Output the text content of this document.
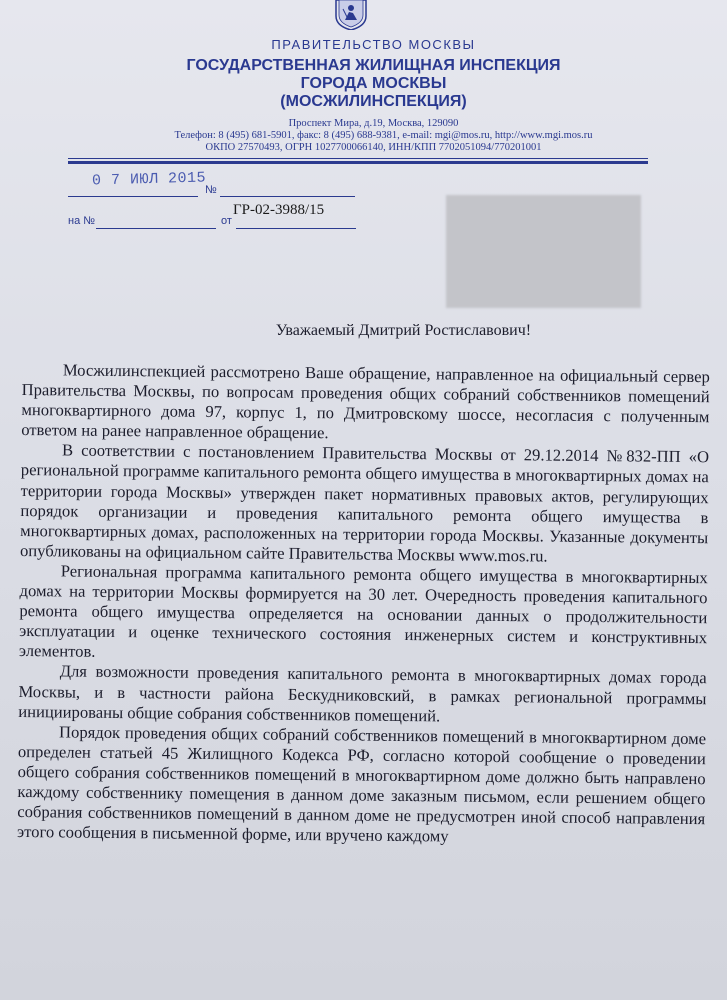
ПРАВИТЕЛЬСТВО МОСКВЫ
ГОСУДАРСТВЕННАЯ ЖИЛИЩНАЯ ИНСПЕКЦИЯ
ГОРОДА МОСКВЫ
(МОСЖИЛИНСПЕКЦИЯ)
Проспект Мира, д.19, Москва, 129090
Телефон: 8 (495) 681-5901, факс: 8 (495) 688-9381, e-mail: mgi@mos.ru, http://www.mgi.mos.ru
ОКПО 27570493, ОГРН 1027700066140, ИНН/КПП 7702051094/770201001
0 7 ИЮЛ 2015
№
ГР-02-3988/15
на №	от
Уважаемый Дмитрий Ростиславович!

Мосжилинспекцией рассмотрено Ваше обращение, направленное на официальный сервер Правительства Москвы, по вопросам проведения общих собраний собственников помещений многоквартирного дома 97, корпус 1, по Дмитровскому шоссе, несогласия с полученным ответом на ранее направленное обращение.

В соответствии с постановлением Правительства Москвы от 29.12.2014 №832-ПП «О региональной программе капитального ремонта общего имущества в многоквартирных домах на территории города Москвы» утвержден пакет нормативных правовых актов, регулирующих порядок организации и проведения капитального ремонта общего имущества в многоквартирных домах, расположенных на территории города Москвы. Указанные документы опубликованы на официальном сайте Правительства Москвы www.mos.ru.

Региональная программа капитального ремонта общего имущества в многоквартирных домах на территории Москвы формируется на 30 лет. Очередность проведения капитального ремонта общего имущества определяется на основании данных о продолжительности эксплуатации и оценке технического состояния инженерных систем и конструктивных элементов.

Для возможности проведения капитального ремонта в многоквартирных домах города Москвы, и в частности района Бескудниковский, в рамках региональной программы инициированы общие собрания собственников помещений.

Порядок проведения общих собраний собственников помещений в многоквартирном доме определен статьей 45 Жилищного Кодекса РФ, согласно которой сообщение о проведении общего собрания собственников помещений в многоквартирном доме должно быть направлено каждому собственнику помещения в данном доме заказным письмом, если решением общего собрания собственников помещений в данном доме не предусмотрен иной способ направления этого сообщения в письменной форме, или вручено каждому
